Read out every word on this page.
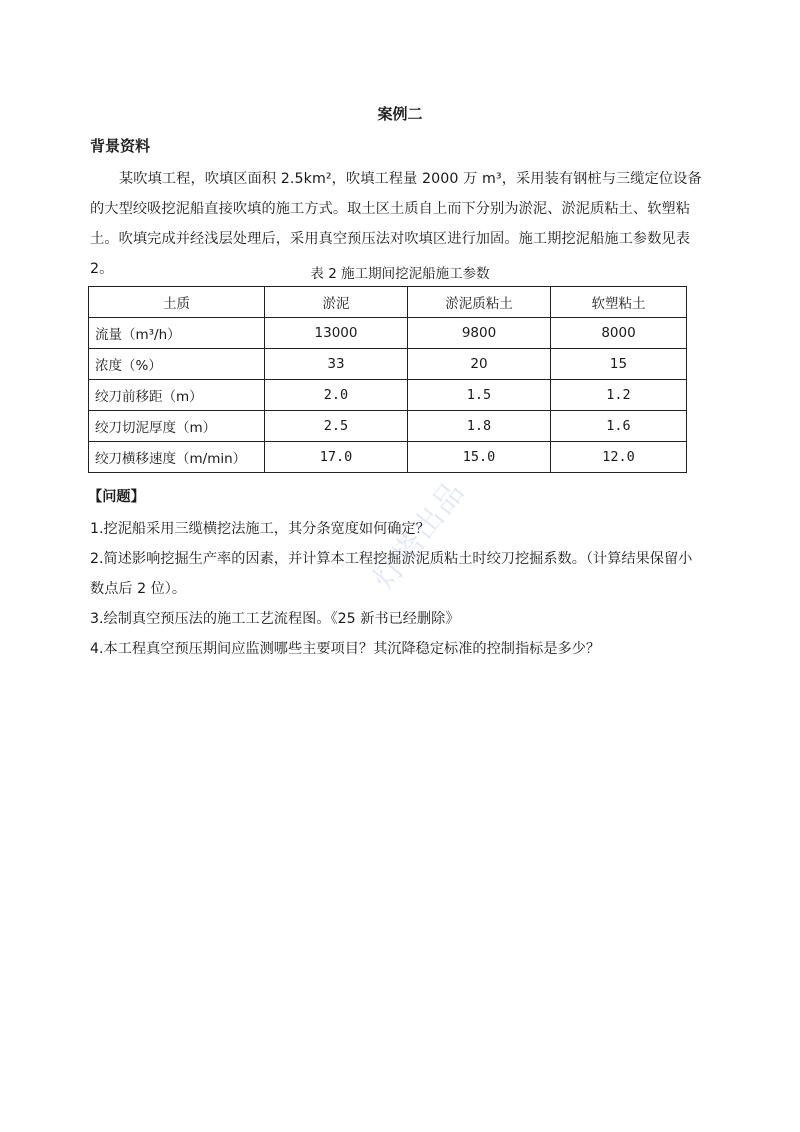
案例二
背景资料
某吹填工程，吹填区面积 2.5km²，吹填工程量 2000 万 m³，采用装有钢桩与三缆定位设备的大型绞吸挖泥船直接吹填的施工方式。取土区土质自上而下分别为淤泥、淤泥质粘土、软塑粘土。吹填完成并经浅层处理后，采用真空预压法对吹填区进行加固。施工期挖泥船施工参数见表 2。	表 2 施工期间挖泥船施工参数
土质	淤泥	淤泥质粘土	软塑粘土
流量（m³/h）	13000	9800	8000
浓度（%）	33	20	15
绞刀前移距（m）	2.0	1.5	1.2
绞刀切泥厚度（m）	2.5	1.8	1.6
绞刀横移速度（m/min）	17.0	15.0	12.0
【问题】
1.挖泥船采用三缆横挖法施工，其分条宽度如何确定？
2.简述影响挖掘生产率的因素，并计算本工程挖掘淤泥质粘土时绞刀挖掘系数。（计算结果保留小数点后 2 位）。
3.绘制真空预压法的施工工艺流程图。《25 新书已经删除》
4.本工程真空预压期间应监测哪些主要项目？其沉降稳定标准的控制指标是多少？
灯塔出品
